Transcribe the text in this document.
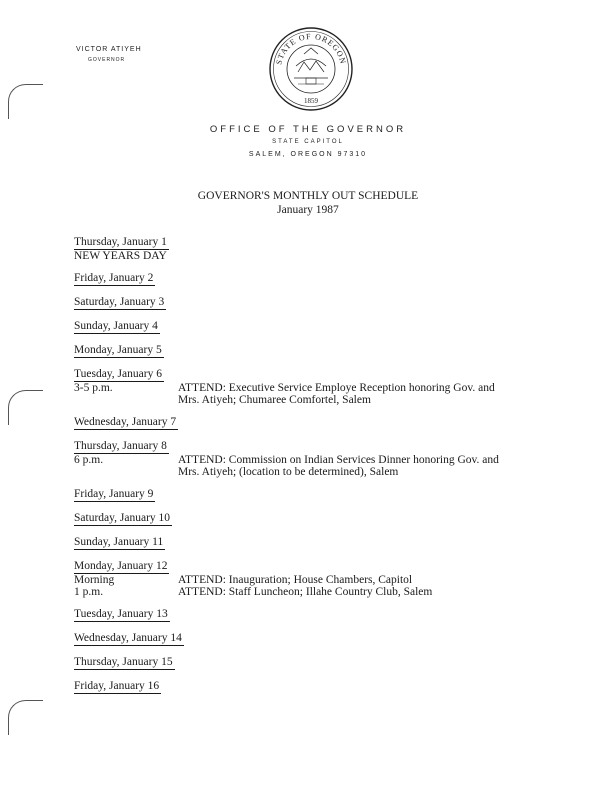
VICTOR ATIYEH
GOVERNOR	STATE OF OREGON
1859
OFFICE OF THE GOVERNOR
STATE CAPITOL
SALEM, OREGON 97310
GOVERNOR'S MONTHLY OUT SCHEDULE
January 1987
Thursday, January 1
NEW YEARS DAY
Friday, January 2
Saturday, January 3
Sunday, January 4
Monday, January 5
Tuesday, January 6
3-5 p.m.	ATTEND: Executive Service Employe Reception honoring Gov. and
Mrs. Atiyeh; Chumaree Comfortel, Salem
Wednesday, January 7
Thursday, January 8
6 p.m.	ATTEND: Commission on Indian Services Dinner honoring Gov. and
Mrs. Atiyeh; (location to be determined), Salem
Friday, January 9
Saturday, January 10
Sunday, January 11
Monday, January 12
Morning	ATTEND: Inauguration; House Chambers, Capitol
1 p.m.	ATTEND: Staff Luncheon; Illahe Country Club, Salem
Tuesday, January 13
Wednesday, January 14
Thursday, January 15
Friday, January 16
